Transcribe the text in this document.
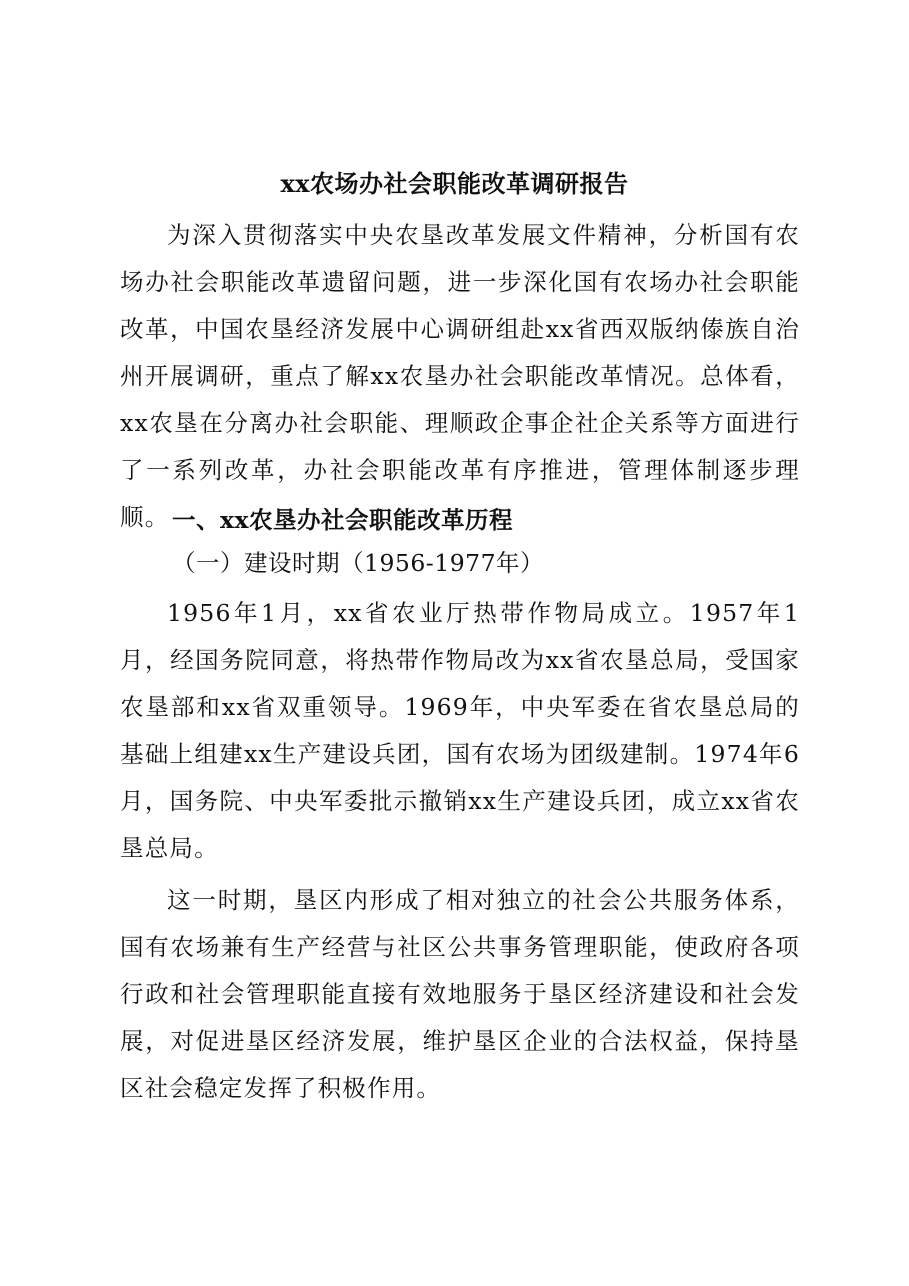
xx农场办社会职能改革调研报告

为深入贯彻落实中央农垦改革发展文件精神，分析国有农场办社会职能改革遗留问题，进一步深化国有农场办社会职能改革，中国农垦经济发展中心调研组赴xx省西双版纳傣族自治州开展调研，重点了解xx农垦办社会职能改革情况。总体看，xx农垦在分离办社会职能、理顺政企事企社企关系等方面进行了一系列改革，办社会职能改革有序推进，管理体制逐步理顺。 一、xx农垦办社会职能改革历程
（一）建设时期（1956-1977年）

1956年1月，xx省农业厅热带作物局成立。1957年1月，经国务院同意，将热带作物局改为xx省农垦总局，受国家农垦部和xx省双重领导。1969年，中央军委在省农垦总局的基础上组建xx生产建设兵团，国有农场为团级建制。1974年6月，国务院、中央军委批示撤销xx生产建设兵团，成立xx省农垦总局。

这一时期，垦区内形成了相对独立的社会公共服务体系，国有农场兼有生产经营与社区公共事务管理职能，使政府各项行政和社会管理职能直接有效地服务于垦区经济建设和社会发展，对促进垦区经济发展，维护垦区企业的合法权益，保持垦区社会稳定发挥了积极作用。
